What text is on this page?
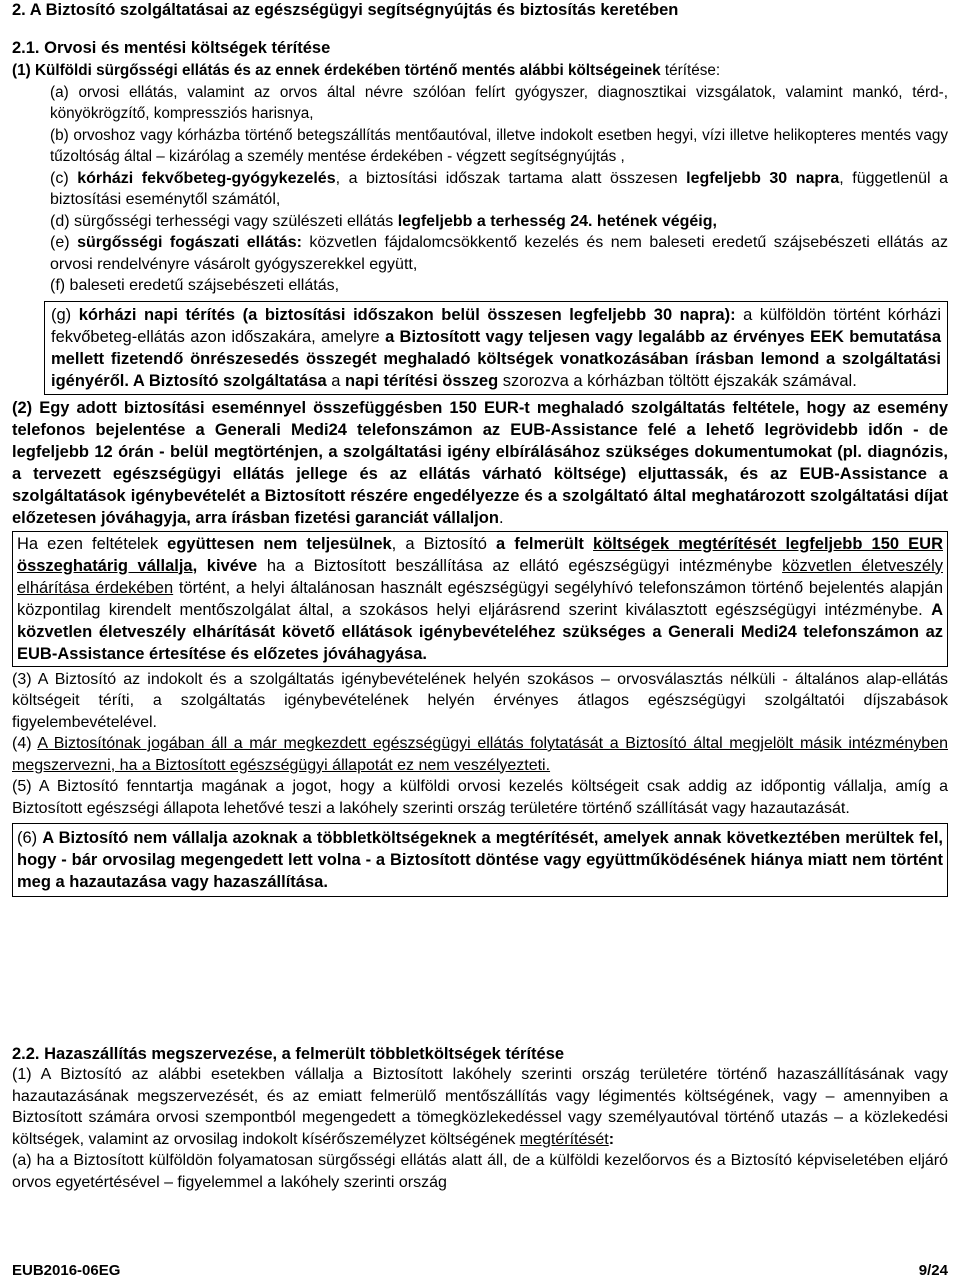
2. A Biztosító szolgáltatásai az egészségügyi segítségnyújtás és biztosítás keretében
2.1. Orvosi és mentési költségek térítése

(1) Külföldi sürgősségi ellátás és az ennek érdekében történő mentés alábbi költségeinek térítése:

(a) orvosi ellátás, valamint az orvos által névre szólóan felírt gyógyszer, diagnosztikai vizsgálatok, valamint mankó, térd-, könyökrögzítő, kompressziós harisnya,

(b) orvoshoz vagy kórházba történő betegszállítás mentőautóval, illetve indokolt esetben hegyi, vízi illetve helikopteres mentés vagy tűzoltóság által – kizárólag a személy mentése érdekében - végzett segítségnyújtás ,

(c) kórházi fekvőbeteg-gyógykezelés, a biztosítási időszak tartama alatt összesen legfeljebb 30 napra, függetlenül a biztosítási eseménytől számától,

(d) sürgősségi terhességi vagy szülészeti ellátás legfeljebb a terhesség 24. hetének végéig,

(e) sürgősségi fogászati ellátás: közvetlen fájdalomcsökkentő kezelés és nem baleseti eredetű szájsebészeti ellátás az orvosi rendelvényre vásárolt gyógyszerekkel együtt,

(f) baleseti eredetű szájsebészeti ellátás,

(g) kórházi napi térítés (a biztosítási időszakon belül összesen legfeljebb 30 napra): a külföldön történt kórházi fekvőbeteg-ellátás azon időszakára, amelyre a Biztosított vagy teljesen vagy legalább az érvényes EEK bemutatása mellett fizetendő önrészesedés összegét meghaladó költségek vonatkozásában írásban lemond a szolgáltatási igényéről. A Biztosító szolgáltatása a napi térítési összeg szorozva a kórházban töltött éjszakák számával.

(2) Egy adott biztosítási eseménnyel összefüggésben 150 EUR-t meghaladó szolgáltatás feltétele, hogy az esemény telefonos bejelentése a Generali Medi24 telefonszámon az EUB-Assistance felé a lehető legrövidebb időn - de legfeljebb 12 órán - belül megtörténjen, a szolgáltatási igény elbírálásához szükséges dokumentumokat (pl. diagnózis, a tervezett egészségügyi ellátás jellege és az ellátás várható költsége) eljuttassák, és az EUB-Assistance a szolgáltatások igénybevételét a Biztosított részére engedélyezze és a szolgáltató által meghatározott szolgáltatási díjat előzetesen jóváhagyja, arra írásban fizetési garanciát vállaljon.

Ha ezen feltételek együttesen nem teljesülnek, a Biztosító a felmerült költségek megtérítését legfeljebb 150 EUR összeghatárig vállalja, kivéve ha a Biztosított beszállítása az ellátó egészségügyi intézménybe közvetlen életveszély elhárítása érdekében történt, a helyi általánosan használt egészségügyi segélyhívó telefonszámon történő bejelentés alapján központilag kirendelt mentőszolgálat által, a szokásos helyi eljárásrend szerint kiválasztott egészségügyi intézménybe. A közvetlen életveszély elhárítását követő ellátások igénybevételéhez szükséges a Generali Medi24 telefonszámon az EUB-Assistance értesítése és előzetes jóváhagyása.

(3) A Biztosító az indokolt és a szolgáltatás igénybevételének helyén szokásos – orvosválasztás nélküli - általános alap-ellátás költségeit téríti, a szolgáltatás igénybevételének helyén érvényes átlagos egészségügyi szolgáltatói díjszabások figyelembevételével.

(4) A Biztosítónak jogában áll a már megkezdett egészségügyi ellátás folytatását a Biztosító által megjelölt másik intézményben megszervezni, ha a Biztosított egészségügyi állapotát ez nem veszélyezteti.

(5) A Biztosító fenntartja magának a jogot, hogy a külföldi orvosi kezelés költségeit csak addig az időpontig vállalja, amíg a Biztosított egészségi állapota lehetővé teszi a lakóhely szerinti ország területére történő szállítását vagy hazautazását.

(6) A Biztosító nem vállalja azoknak a többletköltségeknek a megtérítését, amelyek annak következtében merültek fel, hogy - bár orvosilag megengedett lett volna - a Biztosított döntése vagy együttműködésének hiánya miatt nem történt meg a hazautazása vagy hazaszállítása.

2.2. Hazaszállítás megszervezése, a felmerült többletköltségek térítése

(1) A Biztosító az alábbi esetekben vállalja a Biztosított lakóhely szerinti ország területére történő hazaszállításának vagy hazautazásának megszervezését, és az emiatt felmerülő mentőszállítás vagy légimentés költségének, vagy – amennyiben a Biztosított számára orvosi szempontból megengedett a tömegközlekedéssel vagy személyautóval történő utazás – a közlekedési költségek, valamint az orvosilag indokolt kísérőszemélyzet költségének megtérítését:

(a) ha a Biztosított külföldön folyamatosan sürgősségi ellátás alatt áll, de a külföldi kezelőorvos és a Biztosító képviseletében eljáró orvos egyetértésével – figyelemmel a lakóhely szerinti ország

EUB2016-06EG	9/24
